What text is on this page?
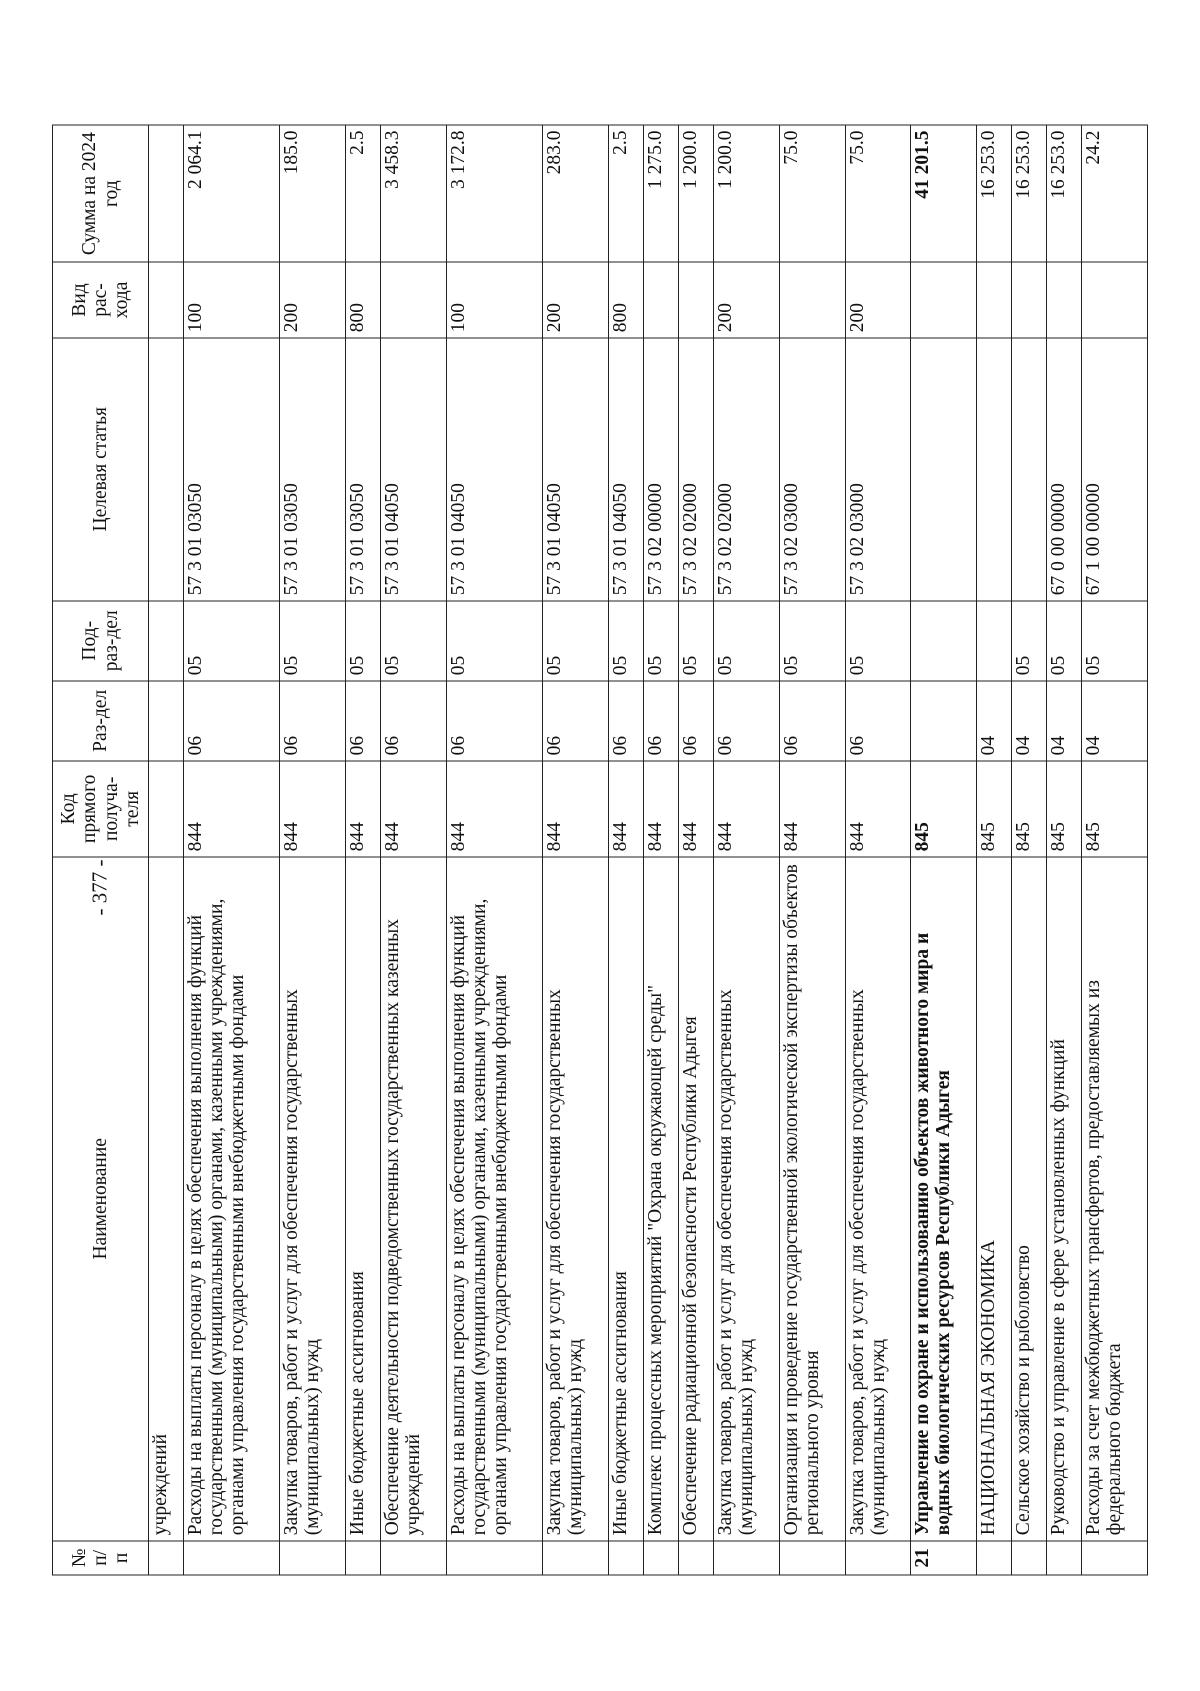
- 377 -
№ п/п	Наименование	Код прямого получа-теля	Раз-дел	Под-раз-дел	Целевая статья	Вид рас-хода	Сумма на 2024 год
	учреждений						
	Расходы на выплаты персоналу в целях обеспечения выполнения функций государственными (муниципальными) органами, казенными учреждениями, органами управления государственными внебюджетными фондами	844	06	05	57 3 01 03050	100	2 064.1
	Закупка товаров, работ и услуг для обеспечения государственных (муниципальных) нужд	844	06	05	57 3 01 03050	200	185.0
	Иные бюджетные ассигнования	844	06	05	57 3 01 03050	800	2.5
	Обеспечение деятельности подведомственных государственных казенных учреждений	844	06	05	57 3 01 04050		3 458.3
	Расходы на выплаты персоналу в целях обеспечения выполнения функций государственными (муниципальными) органами, казенными учреждениями, органами управления государственными внебюджетными фондами	844	06	05	57 3 01 04050	100	3 172.8
	Закупка товаров, работ и услуг для обеспечения государственных (муниципальных) нужд	844	06	05	57 3 01 04050	200	283.0
	Иные бюджетные ассигнования	844	06	05	57 3 01 04050	800	2.5
	Комплекс процессных мероприятий "Охрана окружающей среды"	844	06	05	57 3 02 00000		1 275.0
	Обеспечение радиационной безопасности Республики Адыгея	844	06	05	57 3 02 02000		1 200.0
	Закупка товаров, работ и услуг для обеспечения государственных (муниципальных) нужд	844	06	05	57 3 02 02000	200	1 200.0
	Организация и проведение государственной экологической экспертизы объектов регионального уровня	844	06	05	57 3 02 03000		75.0
	Закупка товаров, работ и услуг для обеспечения государственных (муниципальных) нужд	844	06	05	57 3 02 03000	200	75.0
21	Управление по охране и использованию объектов животного мира и водных биологических ресурсов Республики Адыгея	845					41 201.5
	НАЦИОНАЛЬНАЯ ЭКОНОМИКА	845	04				16 253.0
	Сельское хозяйство и рыболовство	845	04	05			16 253.0
	Руководство и управление в сфере установленных функций	845	04	05	67 0 00 00000		16 253.0
	Расходы за счет межбюджетных трансфертов, предоставляемых из федерального бюджета	845	04	05	67 1 00 00000		24.2
